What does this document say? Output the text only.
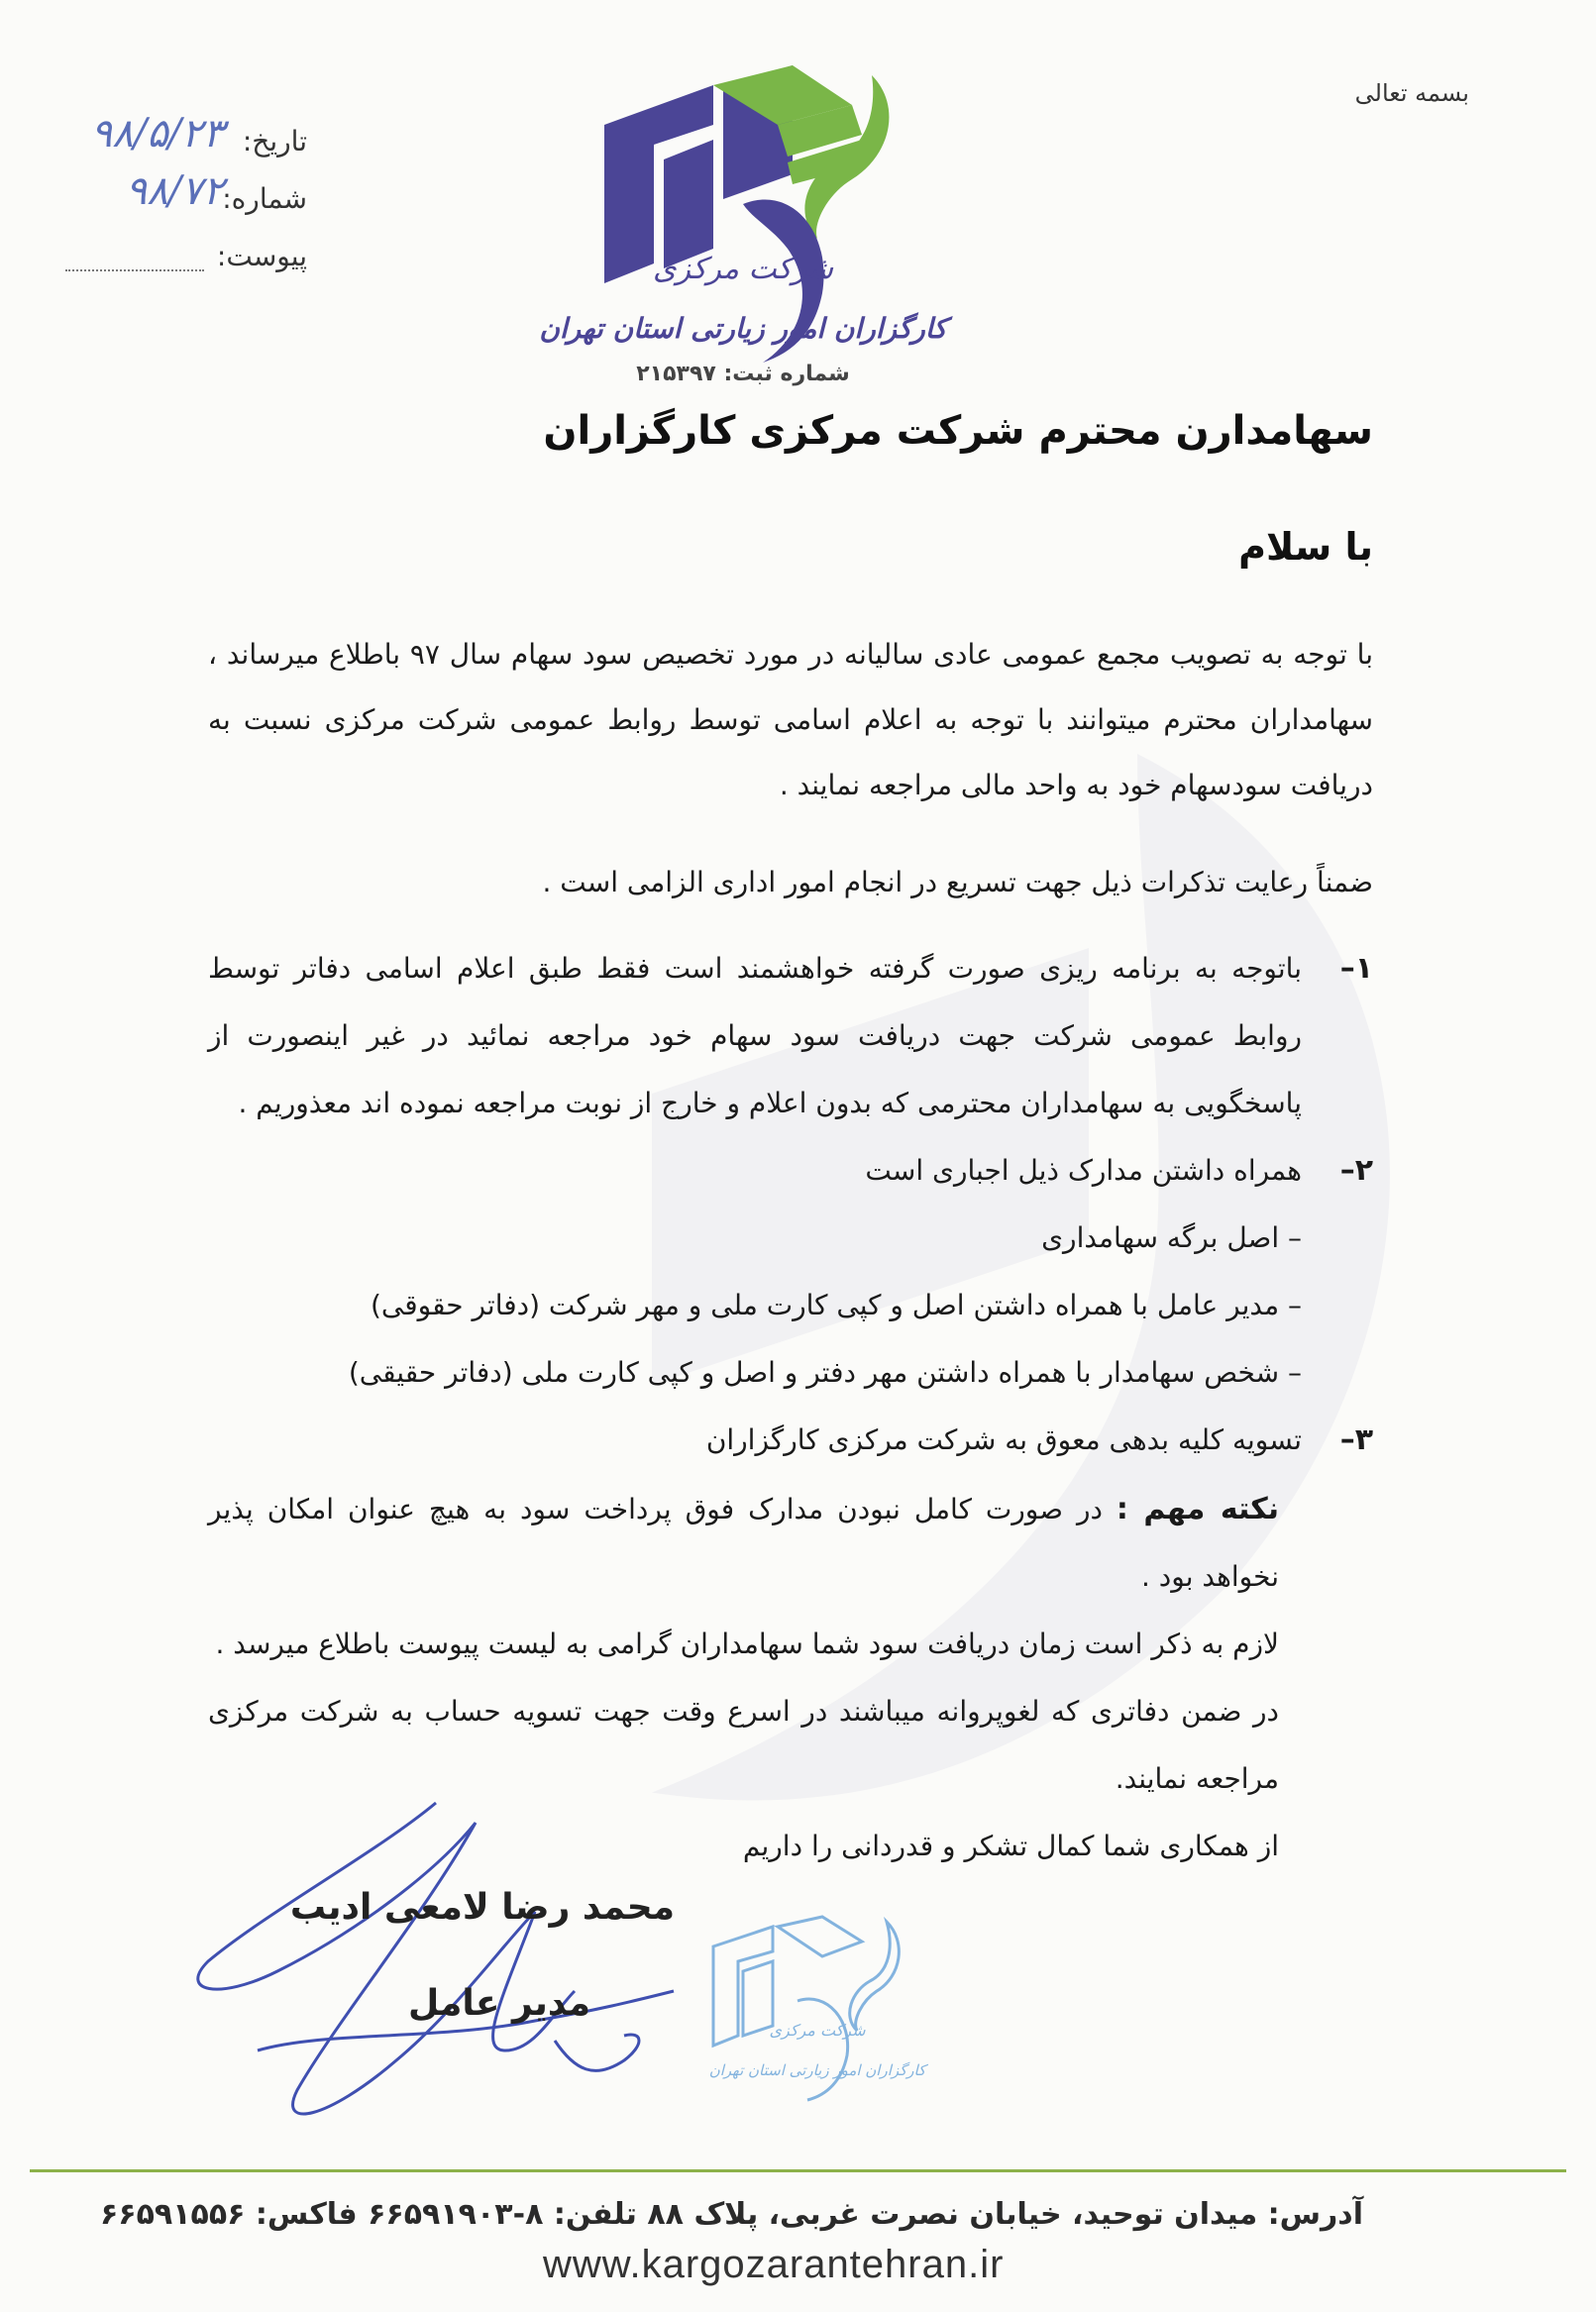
بسمه تعالی
تاریخ:
۹۸/۵/۲۳
شماره:
۹۸/۷۲
پیوست:	شرکت مرکزی
کارگزاران امور زیارتی استان تهران
شماره ثبت: ۲۱۵۳۹۷
سهامدارن محترم شرکت مرکزی کارگزاران
با سلام
با توجه به تصویب مجمع عمومی عادی سالیانه در مورد تخصیص سود سهام سال ۹۷ باطلاع میرساند ، سهامداران محترم میتوانند با توجه به اعلام اسامی توسط روابط عمومی شرکت مرکزی نسبت به دریافت سودسهام خود به واحد مالی مراجعه نمایند .
ضمناً رعایت تذکرات ذیل جهت تسریع در انجام امور اداری الزامی است .
۱–
باتوجه به برنامه ریزی صورت گرفته خواهشمند است فقط طبق اعلام اسامی دفاتر توسط روابط عمومی شرکت جهت دریافت سود سهام خود مراجعه نمائید در غیر اینصورت از پاسخگویی به سهامداران محترمی که بدون اعلام و خارج از نوبت مراجعه نموده اند معذوریم .
۲–
همراه داشتن مدارک ذیل اجباری است
– اصل برگه سهامداری
– مدیر عامل با همراه داشتن اصل و کپی کارت ملی و مهر شرکت (دفاتر حقوقی)
– شخص سهامدار با همراه داشتن مهر دفتر و اصل و کپی کارت ملی (دفاتر حقیقی)
۳–
تسویه کلیه بدهی معوق به شرکت مرکزی کارگزاران
نکته مهم : در صورت کامل نبودن مدارک فوق پرداخت سود به هیچ عنوان امکان پذیر نخواهد بود .
لازم به ذکر است زمان دریافت سود شما سهامداران گرامی به لیست پیوست باطلاع میرسد .
در ضمن دفاتری که لغوپروانه میباشند در اسرع وقت جهت تسویه حساب به شرکت مرکزی مراجعه نمایند.
از همکاری شما کمال تشکر و قدردانی را داریم
محمد رضا لامعی ادیب
مدیر عامل
شرکت مرکزی
کارگزاران امور زیارتی استان تهران
آدرس: میدان توحید، خیابان نصرت غربی، پلاک ۸۸ تلفن: ۸-۶۶۵۹۱۹۰۳ فاکس: ۶۶۵۹۱۵۵۶
www.kargozarantehran.ir
